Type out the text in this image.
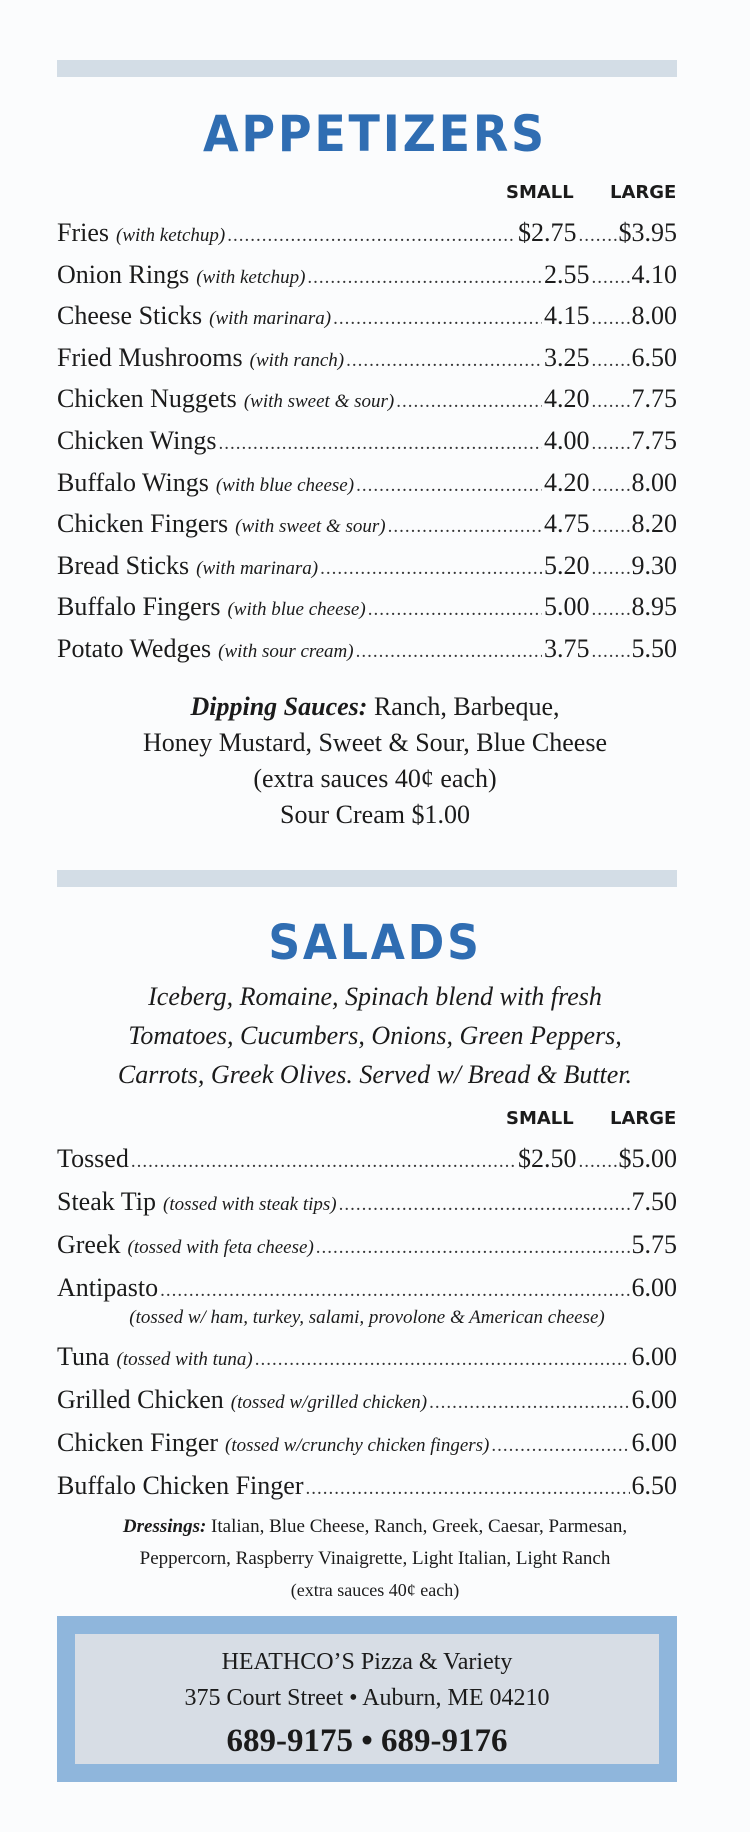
APPETIZERS
SMALL LARGE
Fries (with ketchup) .....	$2.75 ..... $3.95
Onion Rings (with ketchup) .....	2.55 ..... 4.10
Cheese Sticks (with marinara) .....	4.15 ..... 8.00
Fried Mushrooms (with ranch) .....	3.25 ..... 6.50
Chicken Nuggets (with sweet & sour) .....	4.20 ..... 7.75
Chicken Wings .....	4.00 ..... 7.75
Buffalo Wings (with blue cheese) .....	4.20 ..... 8.00
Chicken Fingers (with sweet & sour) .....	4.75 ..... 8.20
Bread Sticks (with marinara) .....	5.20 ..... 9.30
Buffalo Fingers (with blue cheese) .....	5.00 ..... 8.95
Potato Wedges (with sour cream) .....	3.75 ..... 5.50
Dipping Sauces: Ranch, Barbeque,
Honey Mustard, Sweet & Sour, Blue Cheese
(extra sauces 40¢ each)
Sour Cream $1.00
SALADS
Iceberg, Romaine, Spinach blend with fresh
Tomatoes, Cucumbers, Onions, Green Peppers,
Carrots, Greek Olives. Served w/ Bread & Butter.
SMALL LARGE
Tossed .....	$2.50 ..... $5.00
Steak Tip (tossed with steak tips) .....	7.50
Greek (tossed with feta cheese) .....	5.75
Antipasto .....	6.00
(tossed w/ ham, turkey, salami, provolone & American cheese)
Tuna (tossed with tuna) .....	6.00
Grilled Chicken (tossed w/grilled chicken) .....	6.00
Chicken Finger (tossed w/crunchy chicken fingers) .....	6.00
Buffalo Chicken Finger .....	6.50
Dressings: Italian, Blue Cheese, Ranch, Greek, Caesar, Parmesan,
Peppercorn, Raspberry Vinaigrette, Light Italian, Light Ranch
(extra sauces 40¢ each)
HEATHCO’S Pizza & Variety
375 Court Street • Auburn, ME 04210
689-9175 • 689-9176
